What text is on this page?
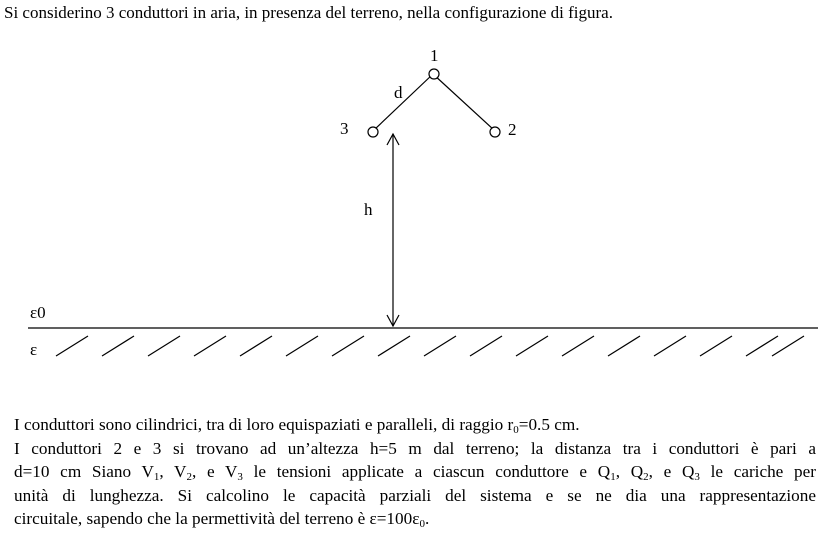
Si considerino 3 conduttori in aria, in presenza del terreno, nella configurazione di figura.
1
2
3
d
h
ε0
ε
I conduttori sono cilindrici, tra di loro equispaziati e paralleli, di raggio $r_0=0.5$ cm.
I conduttori 2 e 3 si trovano ad un’altezza h=5 m dal terreno; la distanza tra i conduttori è pari a
d=10 cm Siano $V_1$, $V_2$, e $V_3$ le tensioni applicate a ciascun conduttore e $Q_1$, $Q_2$, e $Q_3$ le cariche per
unità di lunghezza. Si calcolino le capacità parziali del sistema e se ne dia una rappresentazione
circuitale, sapendo che la permettività del terreno è $\varepsilon=100\varepsilon_0$.
